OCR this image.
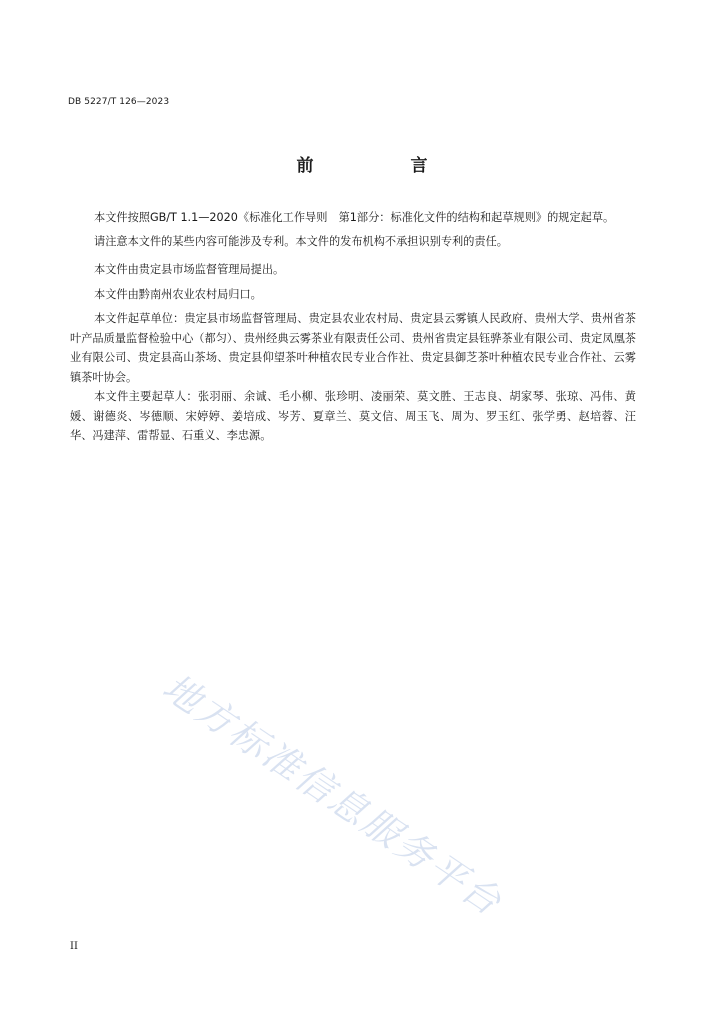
DB 5227/T 126—2023
前　言

本文件按照GB/T 1.1—2020《标准化工作导则　第1部分：标准化文件的结构和起草规则》的规定起草。

请注意本文件的某些内容可能涉及专利。本文件的发布机构不承担识别专利的责任。

本文件由贵定县市场监督管理局提出。

本文件由黔南州农业农村局归口。

本文件起草单位：贵定县市场监督管理局、贵定县农业农村局、贵定县云雾镇人民政府、贵州大学、贵州省茶叶产品质量监督检验中心（都匀）、贵州经典云雾茶业有限责任公司、贵州省贵定县钰骅茶业有限公司、贵定凤凰茶业有限公司、贵定县高山茶场、贵定县仰望茶叶种植农民专业合作社、贵定县御芝茶叶种植农民专业合作社、云雾镇茶叶协会。

本文件主要起草人：张羽丽、余诚、毛小柳、张珍明、凌丽荣、莫文胜、王志良、胡家琴、张琼、冯伟、黄媛、谢德炎、岑德顺、宋婷婷、姜培成、岑芳、夏章兰、莫文信、周玉飞、周为、罗玉红、张学勇、赵培蓉、汪华、冯建萍、雷帮显、石重义、李忠源。

地方标准信息服务平台
II
